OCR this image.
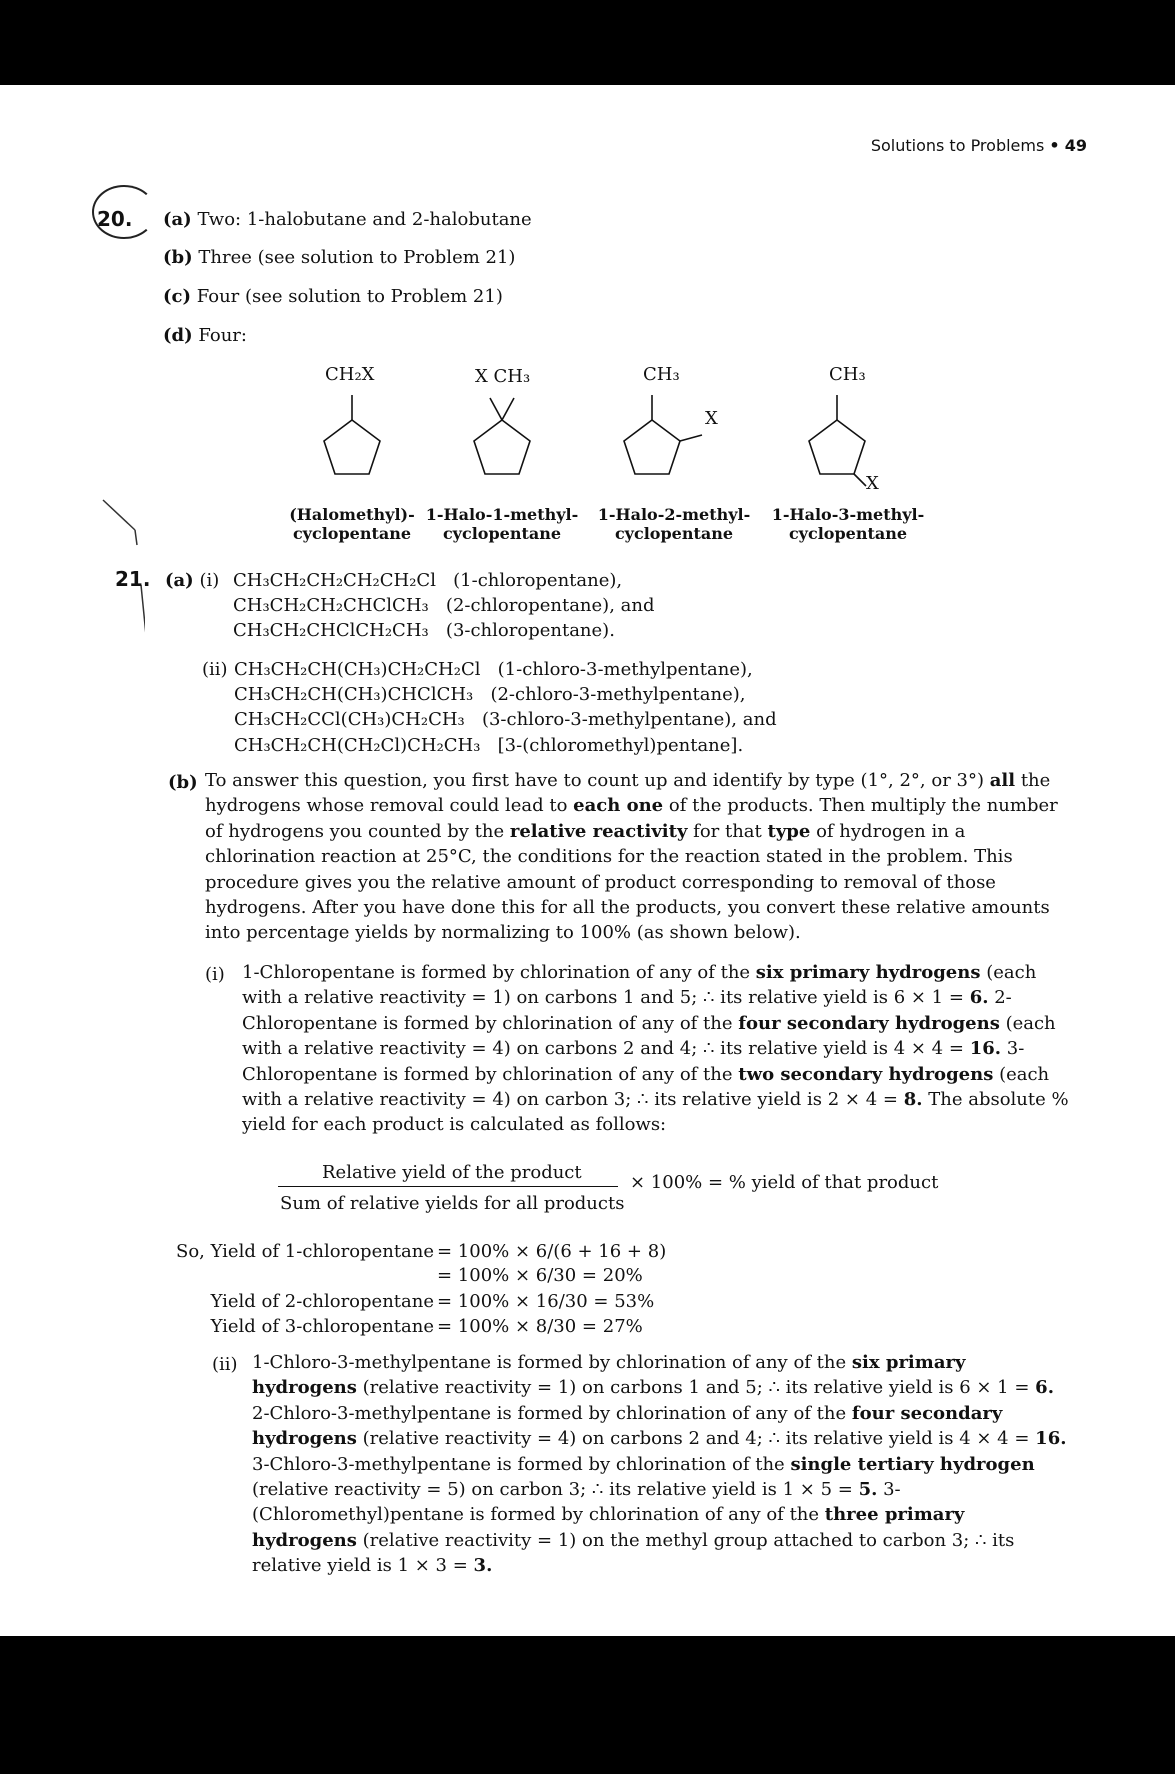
Solutions to Problems • 49
20. (a) Two: 1-halobutane and 2-halobutane
(b) Three (see solution to Problem 21)
(c) Four (see solution to Problem 21)
(d) Four:
CH₂X	X CH₃	CH₃
X
CH₃
X
(Halomethyl)-
cyclopentane
1-Halo-1-methyl-
cyclopentane
1-Halo-2-methyl-
cyclopentane
1-Halo-3-methyl-
cyclopentane
21. (a) (i) CH₃CH₂CH₂CH₂CH₂Cl (1-chloropentane),
CH₃CH₂CH₂CHClCH₃ (2-chloropentane), and
CH₃CH₂CHClCH₂CH₃ (3-chloropentane).
(ii) CH₃CH₂CH(CH₃)CH₂CH₂Cl (1-chloro-3-methylpentane),
CH₃CH₂CH(CH₃)CHClCH₃ (2-chloro-3-methylpentane),
CH₃CH₂CCl(CH₃)CH₂CH₃ (3-chloro-3-methylpentane), and
CH₃CH₂CH(CH₂Cl)CH₂CH₃ [3-(chloromethyl)pentane].
(b) To answer this question, you first have to count up and identify by type (1°, 2°, or 3°) all the hydrogens whose removal could lead to each one of the products. Then multiply the number of hydrogens you counted by the relative reactivity for that type of hydrogen in a chlorination reaction at 25°C, the conditions for the reaction stated in the problem. This procedure gives you the relative amount of product corresponding to removal of those hydrogens. After you have done this for all the products, you convert these relative amounts into percentage yields by normalizing to 100% (as shown below).
(i) 1-Chloropentane is formed by chlorination of any of the six primary hydrogens (each with a relative reactivity = 1) on carbons 1 and 5; ∴ its relative yield is 6 × 1 = 6. 2-Chloropentane is formed by chlorination of any of the four secondary hydrogens (each with a relative reactivity = 4) on carbons 2 and 4; ∴ its relative yield is 4 × 4 = 16. 3-Chloropentane is formed by chlorination of any of the two secondary hydrogens (each with a relative reactivity = 4) on carbon 3; ∴ its relative yield is 2 × 4 = 8. The absolute % yield for each product is calculated as follows:
Relative yield of the product
Sum of relative yields for all products
× 100% = % yield of that product
So, Yield of 1-chloropentane = 100% × 6/(6 + 16 + 8)
= 100% × 6/30 = 20%
Yield of 2-chloropentane = 100% × 16/30 = 53%
Yield of 3-chloropentane = 100% × 8/30 = 27%
(ii) 1-Chloro-3-methylpentane is formed by chlorination of any of the six primary hydrogens (relative reactivity = 1) on carbons 1 and 5; ∴ its relative yield is 6 × 1 = 6. 2-Chloro-3-methylpentane is formed by chlorination of any of the four secondary hydrogens (relative reactivity = 4) on carbons 2 and 4; ∴ its relative yield is 4 × 4 = 16. 3-Chloro-3-methylpentane is formed by chlorination of the single tertiary hydrogen (relative reactivity = 5) on carbon 3; ∴ its relative yield is 1 × 5 = 5. 3-(Chloromethyl)pentane is formed by chlorination of any of the three primary hydrogens (relative reactivity = 1) on the methyl group attached to carbon 3; ∴ its relative yield is 1 × 3 = 3.
